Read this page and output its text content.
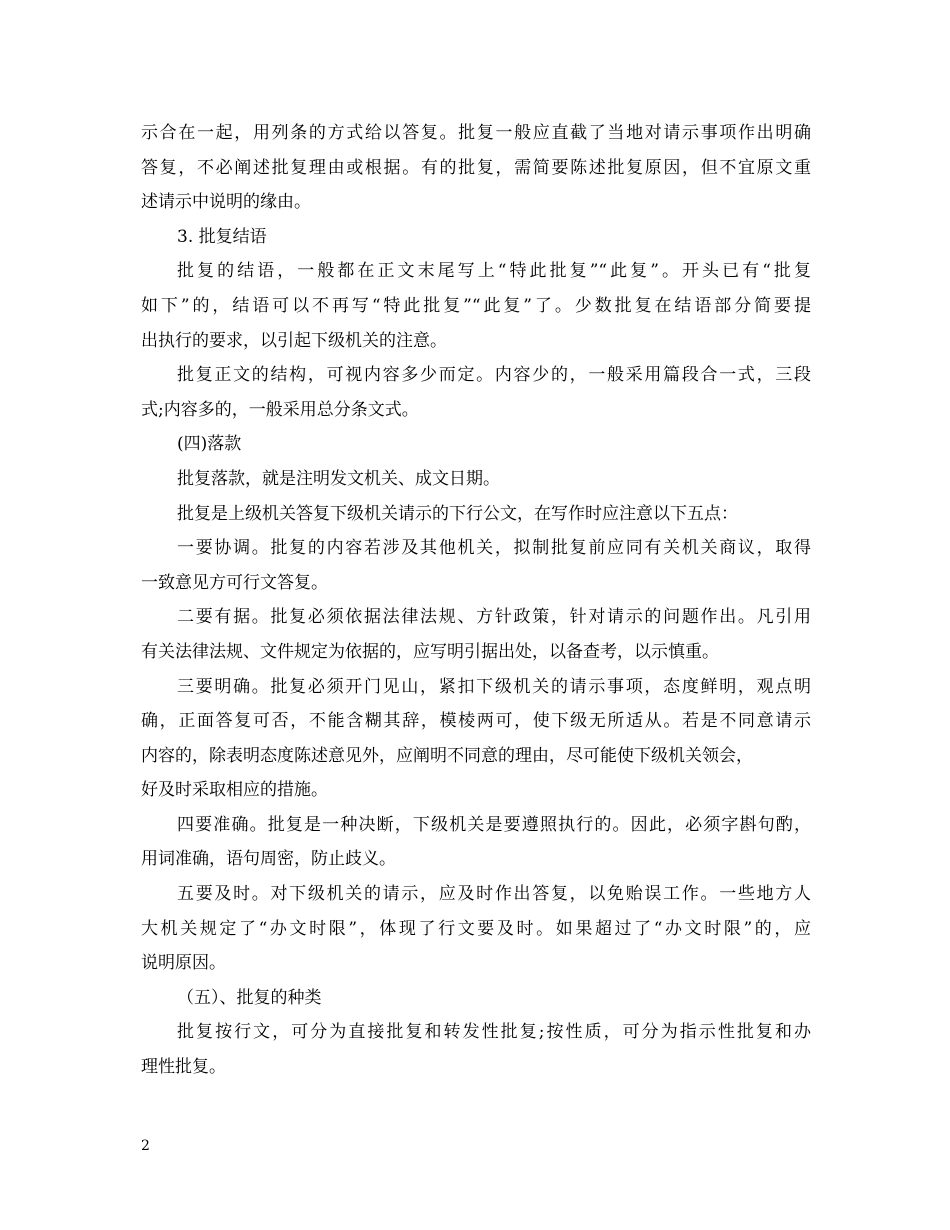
示合在一起，用列条的方式给以答复。批复一般应直截了当地对请示事项作出明确
答复，不必阐述批复理由或根据。有的批复，需简要陈述批复原因，但不宜原文重
述请示中说明的缘由。
3. 批复结语
批复的结语，一般都在正文末尾写上“特此批复”“此复”。开头已有“批复
如下”的，结语可以不再写“特此批复”“此复”了。少数批复在结语部分简要提
出执行的要求，以引起下级机关的注意。
批复正文的结构，可视内容多少而定。内容少的，一般采用篇段合一式，三段
式;内容多的，一般采用总分条文式。
(四)落款
批复落款，就是注明发文机关、成文日期。
批复是上级机关答复下级机关请示的下行公文，在写作时应注意以下五点：
一要协调。批复的内容若涉及其他机关，拟制批复前应同有关机关商议，取得
一致意见方可行文答复。
二要有据。批复必须依据法律法规、方针政策，针对请示的问题作出。凡引用
有关法律法规、文件规定为依据的，应写明引据出处，以备查考，以示慎重。
三要明确。批复必须开门见山，紧扣下级机关的请示事项，态度鲜明，观点明
确，正面答复可否，不能含糊其辞，模棱两可，使下级无所适从。若是不同意请示
内容的，除表明态度陈述意见外，应阐明不同意的理由，尽可能使下级机关领会，
好及时采取相应的措施。
四要准确。批复是一种决断，下级机关是要遵照执行的。因此，必须字斟句酌，
用词准确，语句周密，防止歧义。
五要及时。对下级机关的请示，应及时作出答复，以免贻误工作。一些地方人
大机关规定了“办文时限”，体现了行文要及时。如果超过了“办文时限”的，应
说明原因。
（五）、批复的种类
批复按行文，可分为直接批复和转发性批复;按性质，可分为指示性批复和办
理性批复。
2
